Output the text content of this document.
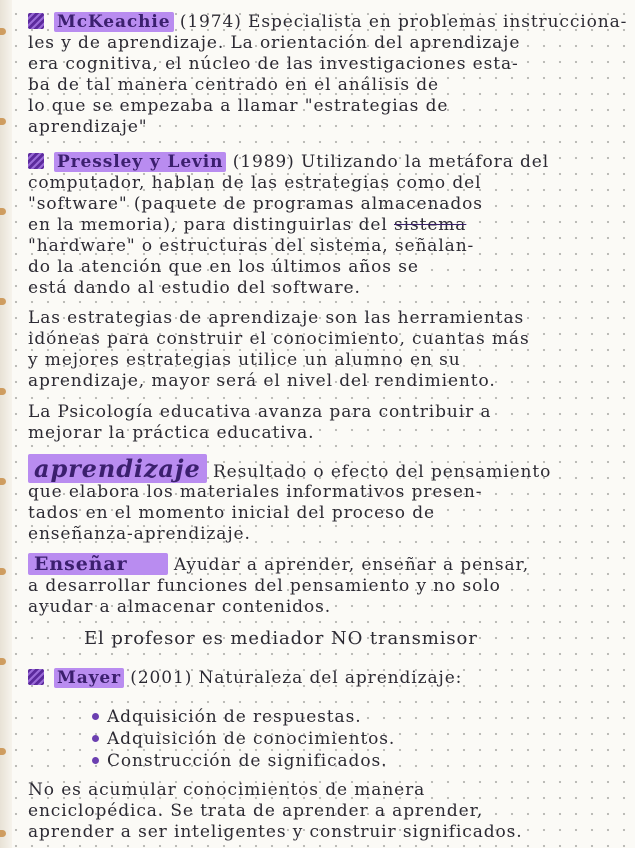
McKeachie (1974) Especialista en problemas instrucciona-
les y de aprendizaje. La orientación del aprendizaje
era cognitiva, el núcleo de las investigaciones esta-
ba de tal manera centrado en el análisis de
lo que se empezaba a llamar "estrategias de
aprendizaje"
Pressley y Levin (1989) Utilizando la metáfora del
computador, hablan de las estrategias como del
"software" (paquete de programas almacenados
en la memoria), para distinguirlas del sistema
"hardware" o estructuras del sistema, señalan-
do la atención que en los últimos años se
está dando al estudio del software.
Las estrategias de aprendizaje son las herramientas
idóneas para construir el conocimiento, cuantas más
y mejores estrategias utilice un alumno en su
aprendizaje, mayor será el nivel del rendimiento.
La Psicología educativa avanza para contribuir a
mejorar la práctica educativa.
aprendizaje Resultado o efecto del pensamiento
que elabora los materiales informativos presen-
tados en el momento inicial del proceso de
enseñanza-aprendizaje.
Enseñar	Ayudar a aprender, enseñar a pensar,
a desarrollar funciones del pensamiento y no solo
ayudar a almacenar contenidos.
El profesor es mediador NO transmisor
Mayer (2001) Naturaleza del aprendizaje:
Adquisición de respuestas.
Adquisición de conocimientos.
Construcción de significados.
No es acumular conocimientos de manera
enciclopédica. Se trata de aprender a aprender,
aprender a ser inteligentes y construir significados.
